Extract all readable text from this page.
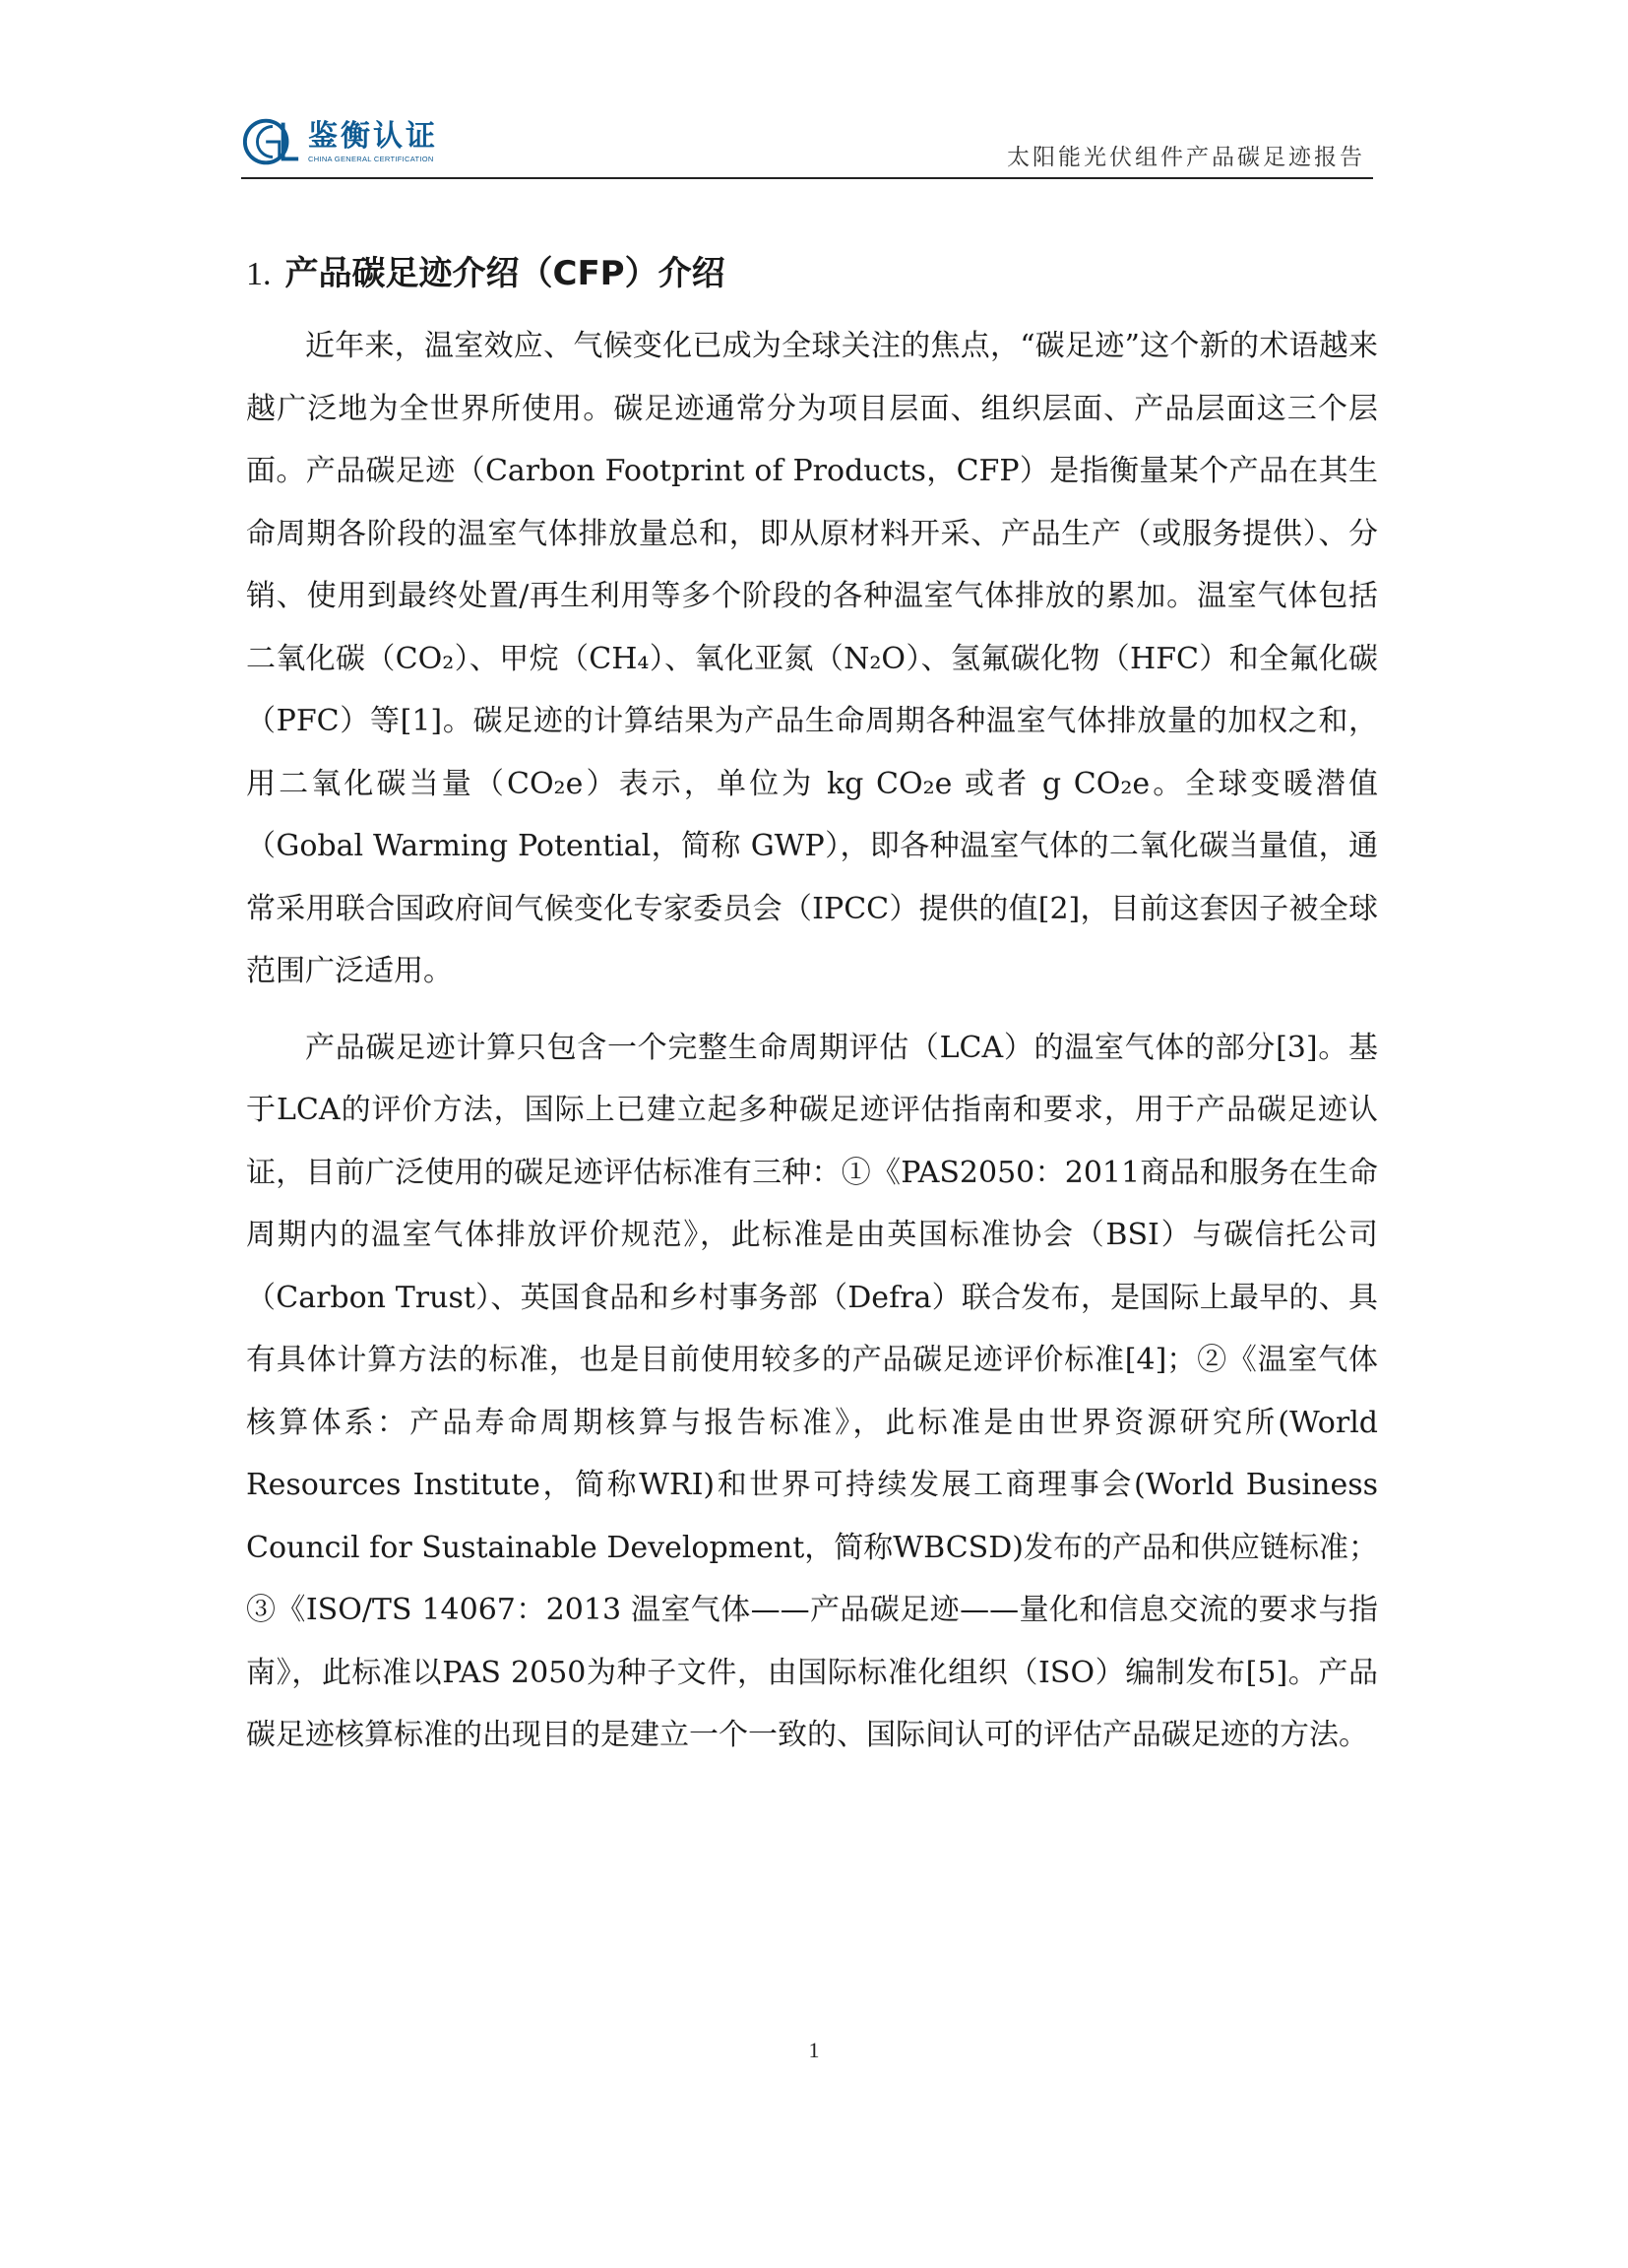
鉴衡认证
CHINA GENERAL CERTIFICATION	太阳能光伏组件产品碳足迹报告
1. 产品碳足迹介绍（CFP）介绍

近年来，温室效应、气候变化已成为全球关注的焦点，“碳足迹”这个新的术语越来越广泛地为全世界所使用。碳足迹通常分为项目层面、组织层面、产品层面这三个层面。产品碳足迹（Carbon Footprint of Products，CFP）是指衡量某个产品在其生命周期各阶段的温室气体排放量总和，即从原材料开采、产品生产（或服务提供）、分销、使用到最终处置/再生利用等多个阶段的各种温室气体排放的累加。温室气体包括二氧化碳（CO₂）、甲烷（CH₄）、氧化亚氮（N₂O）、氢氟碳化物（HFC）和全氟化碳（PFC）等[1]。碳足迹的计算结果为产品生命周期各种温室气体排放量的加权之和，用二氧化碳当量（CO₂e）表示，单位为 kg CO₂e 或者 g CO₂e。全球变暖潜值（Gobal Warming Potential，简称 GWP），即各种温室气体的二氧化碳当量值，通常采用联合国政府间气候变化专家委员会（IPCC）提供的值[2]，目前这套因子被全球范围广泛适用。

产品碳足迹计算只包含一个完整生命周期评估（LCA）的温室气体的部分[3]。基于LCA的评价方法，国际上已建立起多种碳足迹评估指南和要求，用于产品碳足迹认证，目前广泛使用的碳足迹评估标准有三种：①《PAS2050：2011商品和服务在生命周期内的温室气体排放评价规范》，此标准是由英国标准协会（BSI）与碳信托公司（Carbon Trust）、英国食品和乡村事务部（Defra）联合发布，是国际上最早的、具有具体计算方法的标准，也是目前使用较多的产品碳足迹评价标准[4]；②《温室气体核算体系：产品寿命周期核算与报告标准》，此标准是由世界资源研究所(World Resources Institute，简称WRI)和世界可持续发展工商理事会(World Business Council for Sustainable Development，简称WBCSD)发布的产品和供应链标准；③《ISO/TS 14067：2013 温室气体——产品碳足迹——量化和信息交流的要求与指南》，此标准以PAS 2050为种子文件，由国际标准化组织（ISO）编制发布[5]。产品碳足迹核算标准的出现目的是建立一个一致的、国际间认可的评估产品碳足迹的方法。

1
